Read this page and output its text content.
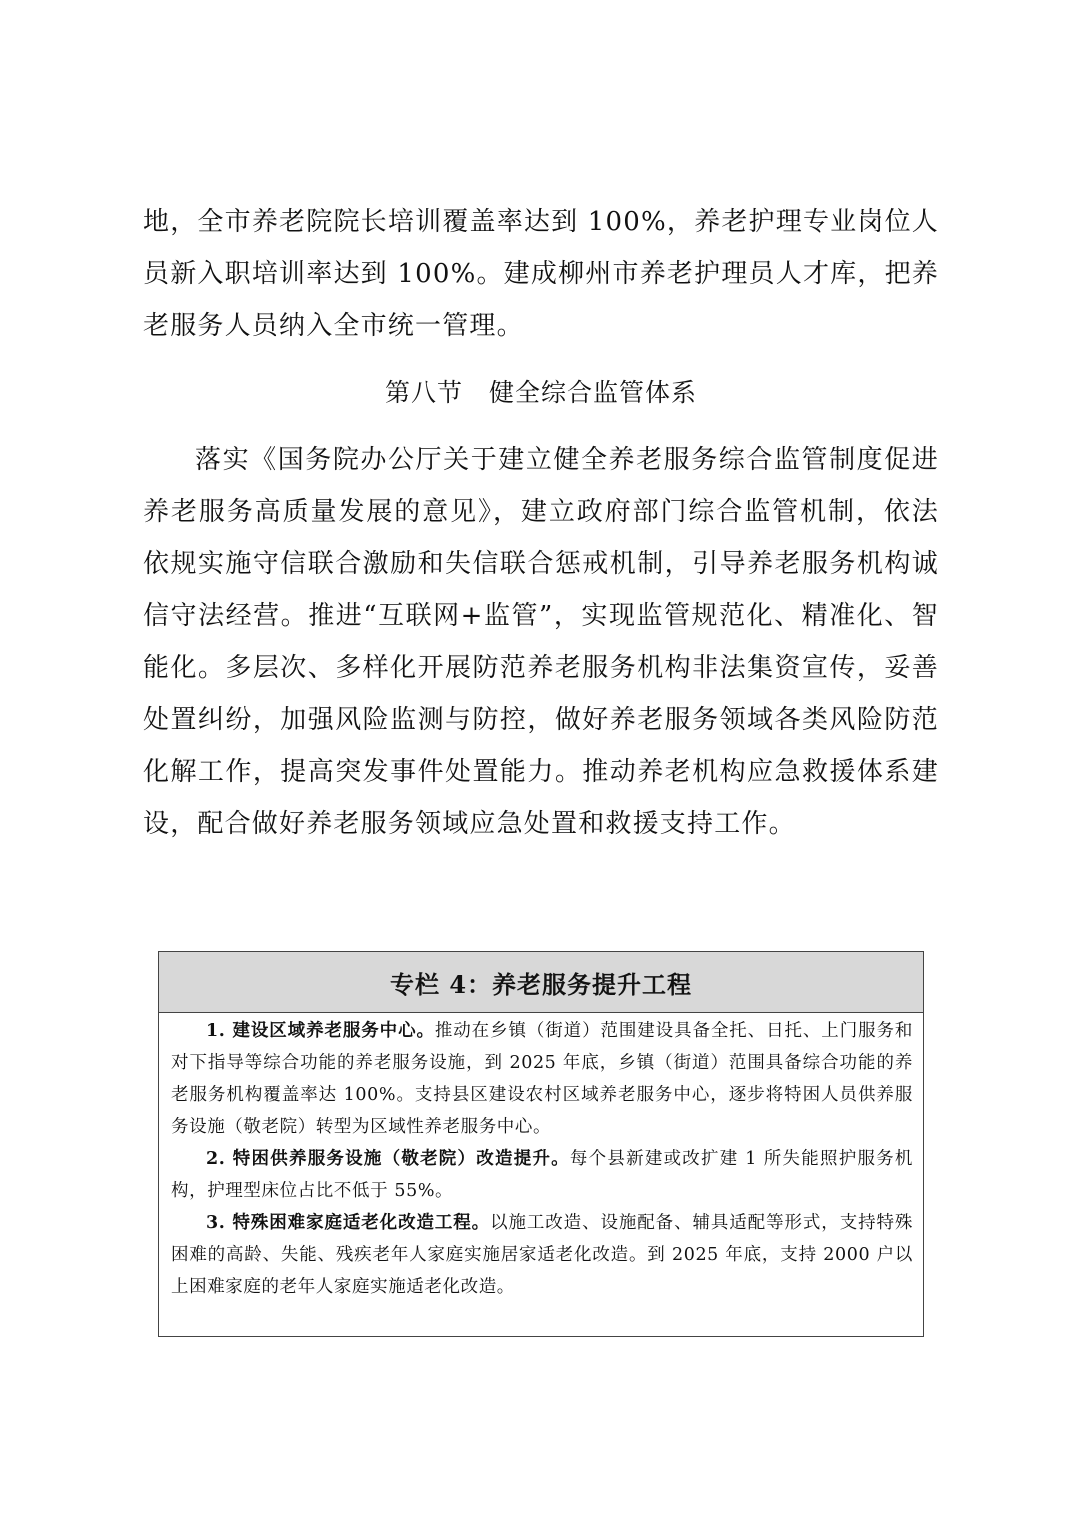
地，全市养老院院长培训覆盖率达到 100%，养老护理专业岗位人员新入职培训率达到 100%。建成柳州市养老护理员人才库，把养老服务人员纳入全市统一管理。

第八节　健全综合监管体系

落实《国务院办公厅关于建立健全养老服务综合监管制度促进养老服务高质量发展的意见》，建立政府部门综合监管机制，依法依规实施守信联合激励和失信联合惩戒机制，引导养老服务机构诚信守法经营。推进“互联网+监管”，实现监管规范化、精准化、智能化。多层次、多样化开展防范养老服务机构非法集资宣传，妥善处置纠纷，加强风险监测与防控，做好养老服务领域各类风险防范化解工作，提高突发事件处置能力。推动养老机构应急救援体系建设，配合做好养老服务领域应急处置和救援支持工作。

专栏 4：养老服务提升工程

1. 建设区域养老服务中心。推动在乡镇（街道）范围建设具备全托、日托、上门服务和对下指导等综合功能的养老服务设施，到 2025 年底，乡镇（街道）范围具备综合功能的养老服务机构覆盖率达 100%。支持县区建设农村区域养老服务中心，逐步将特困人员供养服务设施（敬老院）转型为区域性养老服务中心。

2. 特困供养服务设施（敬老院）改造提升。每个县新建或改扩建 1 所失能照护服务机构，护理型床位占比不低于 55%。

3. 特殊困难家庭适老化改造工程。以施工改造、设施配备、辅具适配等形式，支持特殊困难的高龄、失能、残疾老年人家庭实施居家适老化改造。到 2025 年底，支持 2000 户以上困难家庭的老年人家庭实施适老化改造。
